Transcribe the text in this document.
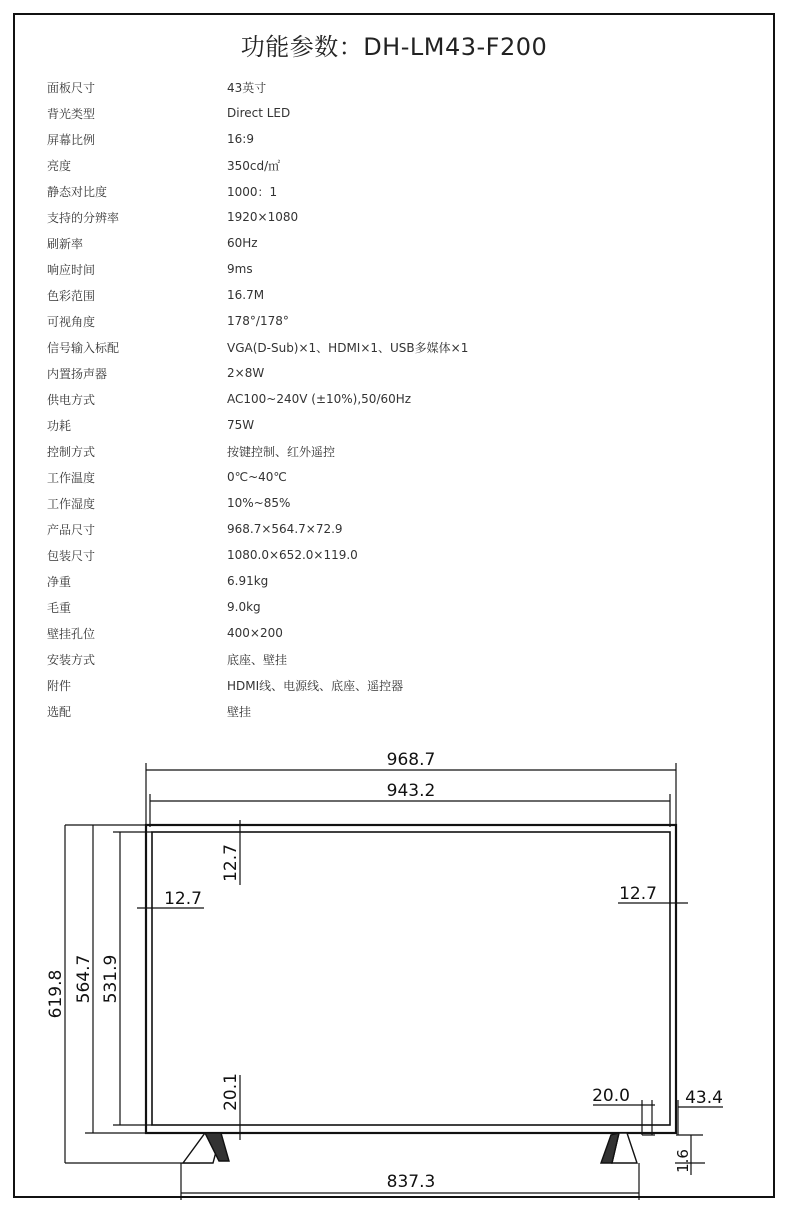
功能参数：DH-LM43-F200
面板尺寸	43英寸
背光类型	Direct LED
屏幕比例	16:9
亮度	350cd/㎡
静态对比度	1000：1
支持的分辨率	1920×1080
刷新率	60Hz
响应时间	9ms
色彩范围	16.7M
可视角度	178°/178°
信号输入标配	VGA(D-Sub)×1、HDMI×1、USB多媒体×1
内置扬声器	2×8W
供电方式	AC100~240V (±10%),50/60Hz
功耗	75W
控制方式	按键控制、红外遥控
工作温度	0℃~40℃
工作湿度	10%~85%
产品尺寸	968.7×564.7×72.9
包装尺寸	1080.0×652.0×119.0
净重	6.91kg
毛重	9.0kg
壁挂孔位	400×200
安装方式	底座、壁挂
附件	HDMI线、电源线、底座、遥控器
选配	壁挂
968.7
943.2
12.7
12.7	12.7
20.1	20.0	43.4
619.8 564.7 531.9
837.3
1.6
